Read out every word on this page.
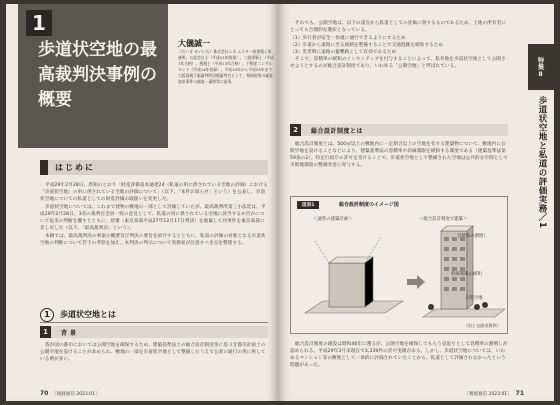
1
歩道状空地の最高裁判決事例の概要
大儀誠一
（だいぎ せいいち）株式会社ムネ エスタ一級建築士事務所。公認会計士（平成11年開業）。二級建築士（平成7年合格）。税理士（平成13年合格）。不動産コンサルタント（平成14年登録）。平成24年から平成25年まで大阪国税不服審判所国税審判官として、相続税等の審査請求事件の調査・審理等に従事。
はじめに

平成29年2月28日、周知のとおり「財産評価基本通達24（私道の用に供されている宅地の評価）における「歩道状空地」の用に供されている宅地の評価について」（以下、「本件お知らせ」という）を公表し、歩道状空地についての私道としての財産評価の取扱いを変更した。

歩道状空地については、これまで建物の敷地の一部として評価していたが、最高裁判所第三小法廷は、平成29年2月28日、3名の裁判官全員一致の意見として、私道の用に供されている宅地に該当するか否かについて従来の判断を覆すとともに、原審（東京高裁平成27年12月17日判決）を破棄して同事件を東京高裁に差し戻した（以下、「最高裁判決」という）。

本稿では、最高裁判決の事案の概要及び判決の要旨を紹介するとともに、私道の評価の対象となる歩道状空地の判断について若干の考察を加え、本判決の判示について実務家が注意すべき点を整理する。

1	歩道状空地とは
1	背景

我が国の都市においては公開空地を確保するため、建築基準法上の総合設計制度等に基づき都市計画上の公開空地を設けることが求められ、敷地の一部を歩道状空地として整備したうえで公衆の通行の用に供している例が多い。

70 ［税経通信 2023.01］

それでも、公開空地は、以下の諸点から私道としての評価に資するものであるため、土地の所有者にとっても合理的な選択となっている。

（1）歩行者が安全・快適に通行できるようにするため
（2）歩道から道路に至る経路を整備することで交通混雑を緩和するため
（3）災害時に道路の避難路として有効であるため

そこで、容積率の緩和のインセンティブを付与することによって、私有地を歩道状空地として公開させようとするのが総合設計制度であり、いわゆる「公開空地」と呼ばれている。

2	総合設計制度とは

総合設計制度とは、500㎡以上の敷地内に一定割合以上の空地を有する建築物について、敷地内に公開空地を設けることなどにより、建築基準法の容積率や斜線制限を緩和する制度である（建築基準法第59条の2）。特定行政庁の許可を受けることで、歩道状空地として整備された空地は公共的な空間として市街地環境の整備改善に寄与する。

図表1	総合設計制度のイメージ図
＜通常の建築計画＞	＜総合設計制度で建築＞
容積率の割増し
斜線制限の緩和
公開空地
（国土交通省資料）

総合設計制度の創設は昭和46年に遡るが、公開空地を確保してもらう見返りとして容積率の割増しが認められる。平成29年3月末現在で3,339件の許可実績がある。しかし、歩道状空地については、いわゆるマンション等の敷地として一体的に評価されていたことから、私道として評価されなかったという問題があった。

特集Ⅱ
歩道状空地と私道の評価実務／1
［税経通信 2023.01］ 71
